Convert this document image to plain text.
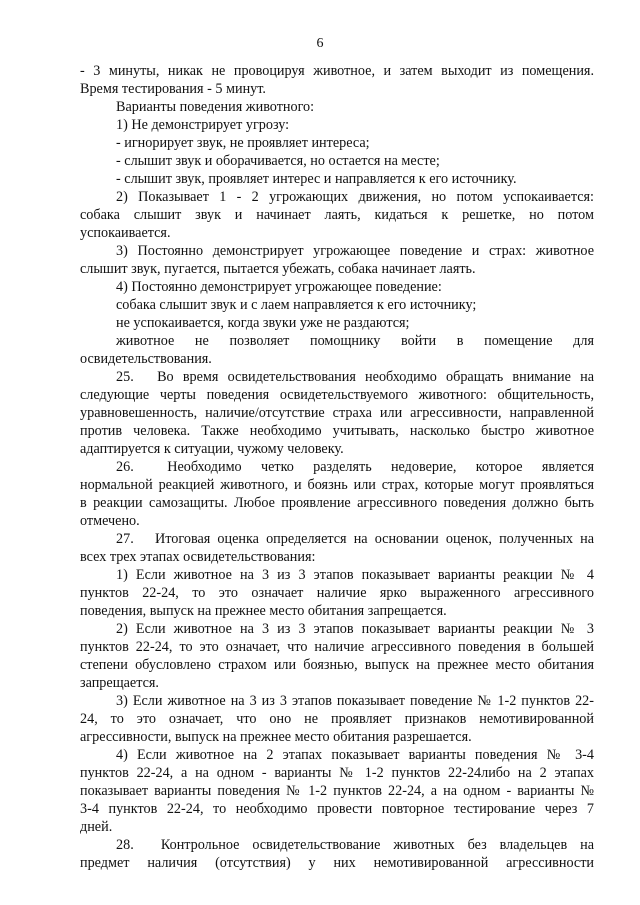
6
- 3 минуты, никак не провоцируя животное, и затем выходит из помещения.
Время тестирования - 5 минут.
Варианты поведения животного:
1) Не демонстрирует угрозу:
- игнорирует звук, не проявляет интереса;
- слышит звук и оборачивается, но остается на месте;
- слышит звук, проявляет интерес и направляется к его источнику.
2) Показывает 1 - 2 угрожающих движения, но потом успокаивается:
собака слышит звук и начинает лаять, кидаться к решетке, но потом
успокаивается.
3) Постоянно демонстрирует угрожающее поведение и страх: животное
слышит звук, пугается, пытается убежать, собака начинает лаять.
4) Постоянно демонстрирует угрожающее поведение:
собака слышит звук и с лаем направляется к его источнику;
не успокаивается, когда звуки уже не раздаются;
животное не позволяет помощнику войти в помещение для
освидетельствования.
25.  Во время освидетельствования необходимо обращать внимание на
следующие черты поведения освидетельствуемого животного: общительность,
уравновешенность, наличие/отсутствие страха или агрессивности, направленной
против человека. Также необходимо учитывать, насколько быстро животное
адаптируется к ситуации, чужому человеку.
26.  Необходимо четко разделять недоверие, которое является
нормальной реакцией животного, и боязнь или страх, которые могут проявляться
в реакции самозащиты. Любое проявление агрессивного поведения должно быть
отмечено.
27.  Итоговая оценка определяется на основании оценок, полученных на
всех трех этапах освидетельствования:
1) Если животное на 3 из 3 этапов показывает варианты реакции № 4
пунктов 22-24, то это означает наличие ярко выраженного агрессивного
поведения, выпуск на прежнее место обитания запрещается.
2) Если животное на 3 из 3 этапов показывает варианты реакции № 3
пунктов 22-24, то это означает, что наличие агрессивного поведения в большей
степени обусловлено страхом или боязнью, выпуск на прежнее место обитания
запрещается.
3) Если животное на 3 из 3 этапов показывает поведение № 1-2 пунктов 22-
24, то это означает, что оно не проявляет признаков немотивированной
агрессивности, выпуск на прежнее место обитания разрешается.
4) Если животное на 2 этапах показывает варианты поведения № 3-4
пунктов 22-24, а на одном - варианты № 1-2 пунктов 22-24либо на 2 этапах
показывает варианты поведения № 1-2 пунктов 22-24, а на одном - варианты №
3-4 пунктов 22-24, то необходимо провести повторное тестирование через 7
дней.
28.  Контрольное освидетельствование животных без владельцев на
предмет наличия (отсутствия) у них немотивированной агрессивности
